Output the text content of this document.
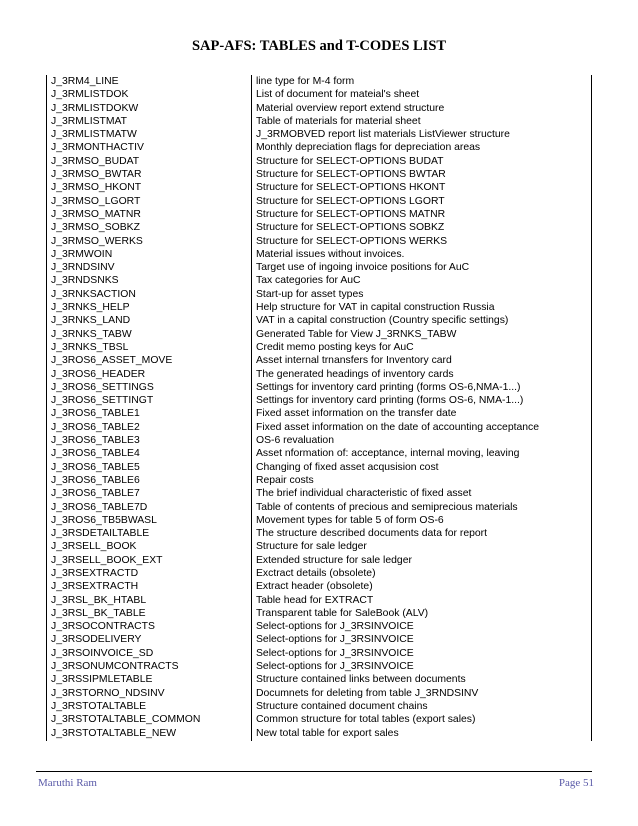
SAP-AFS: TABLES and T-CODES LIST
J_3RM4_LINE	line type for M-4 form
J_3RMLISTDOK	List of document for mateial's sheet
J_3RMLISTDOKW	Material overview report extend structure
J_3RMLISTMAT	Table of materials for material sheet
J_3RMLISTMATW	J_3RMOBVED report list materials ListViewer structure
J_3RMONTHACTIV	Monthly depreciation flags for depreciation areas
J_3RMSO_BUDAT	Structure for SELECT-OPTIONS BUDAT
J_3RMSO_BWTAR	Structure for SELECT-OPTIONS BWTAR
J_3RMSO_HKONT	Structure for SELECT-OPTIONS HKONT
J_3RMSO_LGORT	Structure for SELECT-OPTIONS LGORT
J_3RMSO_MATNR	Structure for SELECT-OPTIONS MATNR
J_3RMSO_SOBKZ	Structure for SELECT-OPTIONS SOBKZ
J_3RMSO_WERKS	Structure for SELECT-OPTIONS WERKS
J_3RMWOIN	Material issues without invoices.
J_3RNDSINV	Target use of ingoing invoice positions for AuC
J_3RNDSNKS	Tax categories for AuC
J_3RNKSACTION	Start-up for asset types
J_3RNKS_HELP	Help structure for VAT in capital construction Russia
J_3RNKS_LAND	VAT in a capital construction (Country specific settings)
J_3RNKS_TABW	Generated Table for View J_3RNKS_TABW
J_3RNKS_TBSL	Credit memo posting keys for AuC
J_3ROS6_ASSET_MOVE	Asset internal trnansfers for Inventory card
J_3ROS6_HEADER	The generated headings of inventory cards
J_3ROS6_SETTINGS	Settings for inventory card printing (forms OS-6,NMA-1...)
J_3ROS6_SETTINGT	Settings for inventory card printing (forms OS-6, NMA-1...)
J_3ROS6_TABLE1	Fixed asset information on the transfer date
J_3ROS6_TABLE2	Fixed asset information on the date of accounting acceptance
J_3ROS6_TABLE3	OS-6 revaluation
J_3ROS6_TABLE4	Asset nformation of: acceptance, internal moving, leaving
J_3ROS6_TABLE5	Changing of fixed asset acqusision cost
J_3ROS6_TABLE6	Repair costs
J_3ROS6_TABLE7	The brief individual characteristic of fixed asset
J_3ROS6_TABLE7D	Table of contents of precious and semiprecious materials
J_3ROS6_TB5BWASL	Movement types for table 5 of form OS-6
J_3RSDETAILTABLE	The structure described documents data for report
J_3RSELL_BOOK	Structure for sale ledger
J_3RSELL_BOOK_EXT	Extended structure for sale ledger
J_3RSEXTRACTD	Exctract details (obsolete)
J_3RSEXTRACTH	Extract header (obsolete)
J_3RSL_BK_HTABL	Table head for EXTRACT
J_3RSL_BK_TABLE	Transparent table for SaleBook (ALV)
J_3RSOCONTRACTS	Select-options for J_3RSINVOICE
J_3RSODELIVERY	Select-options for J_3RSINVOICE
J_3RSOINVOICE_SD	Select-options for J_3RSINVOICE
J_3RSONUMCONTRACTS	Select-options for J_3RSINVOICE
J_3RSSIPMLETABLE	Structure contained links between documents
J_3RSTORNO_NDSINV	Documnets for deleting from table J_3RNDSINV
J_3RSTOTALTABLE	Structure contained document chains
J_3RSTOTALTABLE_COMMON	Common structure for total tables (export sales)
J_3RSTOTALTABLE_NEW	New total table for export sales
Maruthi Ram	Page 51
